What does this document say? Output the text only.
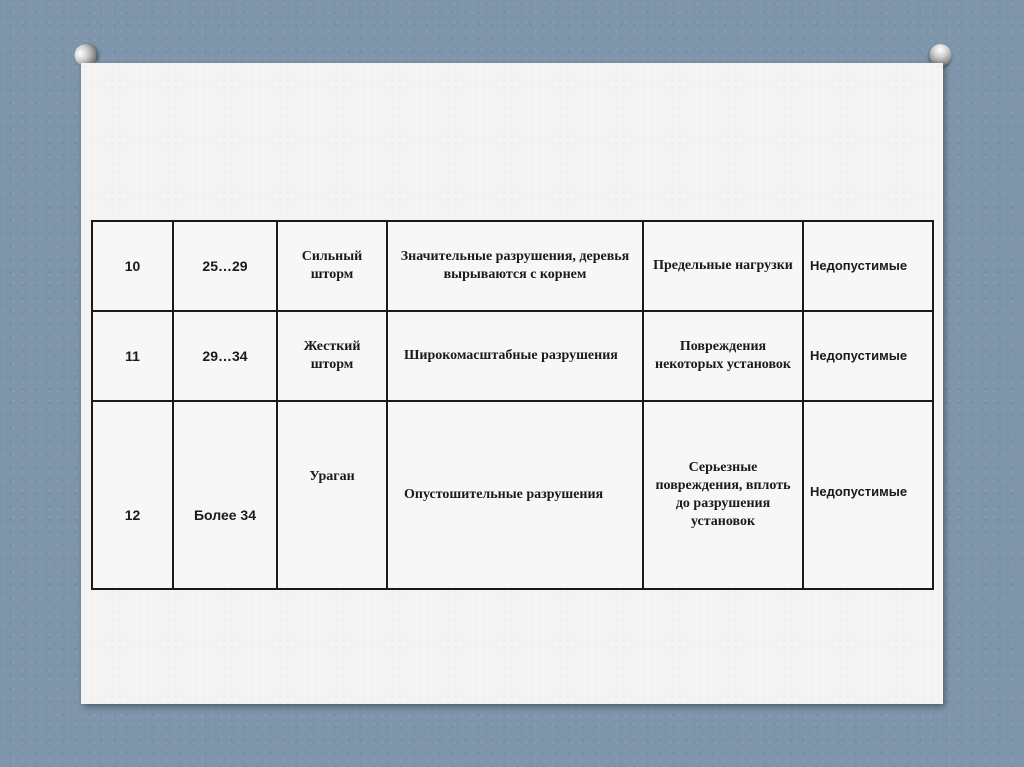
10	25…29	Сильный шторм	Значительные разрушения, деревья вырываются с корнем	Предельные нагрузки	Недопустимые
11	29…34	Жесткий шторм	Широкомасштабные разрушения	Повреждения некоторых установок	Недопустимые
12	Более 34	Ураган	Опустошительные разрушения	Серьезные повреждения, вплоть до разрушения установок	Недопустимые
